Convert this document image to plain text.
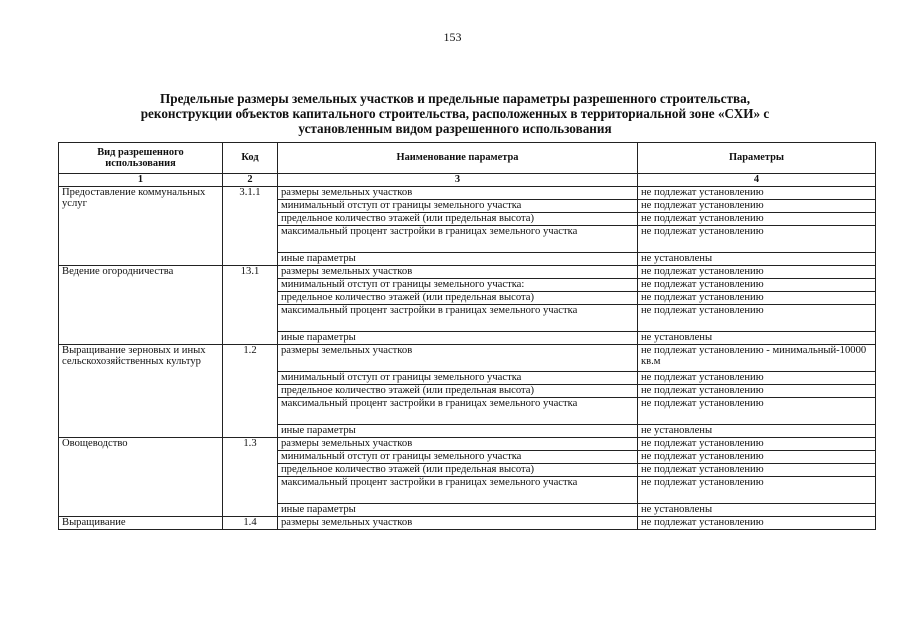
153
Предельные размеры земельных участков и предельные параметры разрешенного строительства,
реконструкции объектов капитального строительства, расположенных в территориальной зоне «СХИ» с
установленным видом разрешенного использования
Вид разрешенного использования	Код	Наименование параметра	Параметры
1	2	3	4
Предоставление коммунальных услуг	3.1.1	размеры земельных участков	не подлежат установлению
		минимальный отступ от границы земельного участка	не подлежат установлению
		предельное количество этажей (или предельная высота)	не подлежат установлению
		максимальный процент застройки в границах земельного участка	не подлежат установлению
		иные параметры	не установлены
Ведение огородничества	13.1	размеры земельных участков	не подлежат установлению
		минимальный отступ от границы земельного участка:	не подлежат установлению
		предельное количество этажей (или предельная высота)	не подлежат установлению
		максимальный процент застройки в границах земельного участка	не подлежат установлению
		иные параметры	не установлены
Выращивание зерновых и иных сельскохозяйственных культур	1.2	размеры земельных участков	не подлежат установлению - минимальный-10000 кв.м
		минимальный отступ от границы земельного участка	не подлежат установлению
		предельное количество этажей (или предельная высота)	не подлежат установлению
		максимальный процент застройки в границах земельного участка	не подлежат установлению
		иные параметры	не установлены
Овощеводство	1.3	размеры земельных участков	не подлежат установлению
		минимальный отступ от границы земельного участка	не подлежат установлению
		предельное количество этажей (или предельная высота)	не подлежат установлению
		максимальный процент застройки в границах земельного участка	не подлежат установлению
		иные параметры	не установлены
Выращивание	1.4	размеры земельных участков	не подлежат установлению
